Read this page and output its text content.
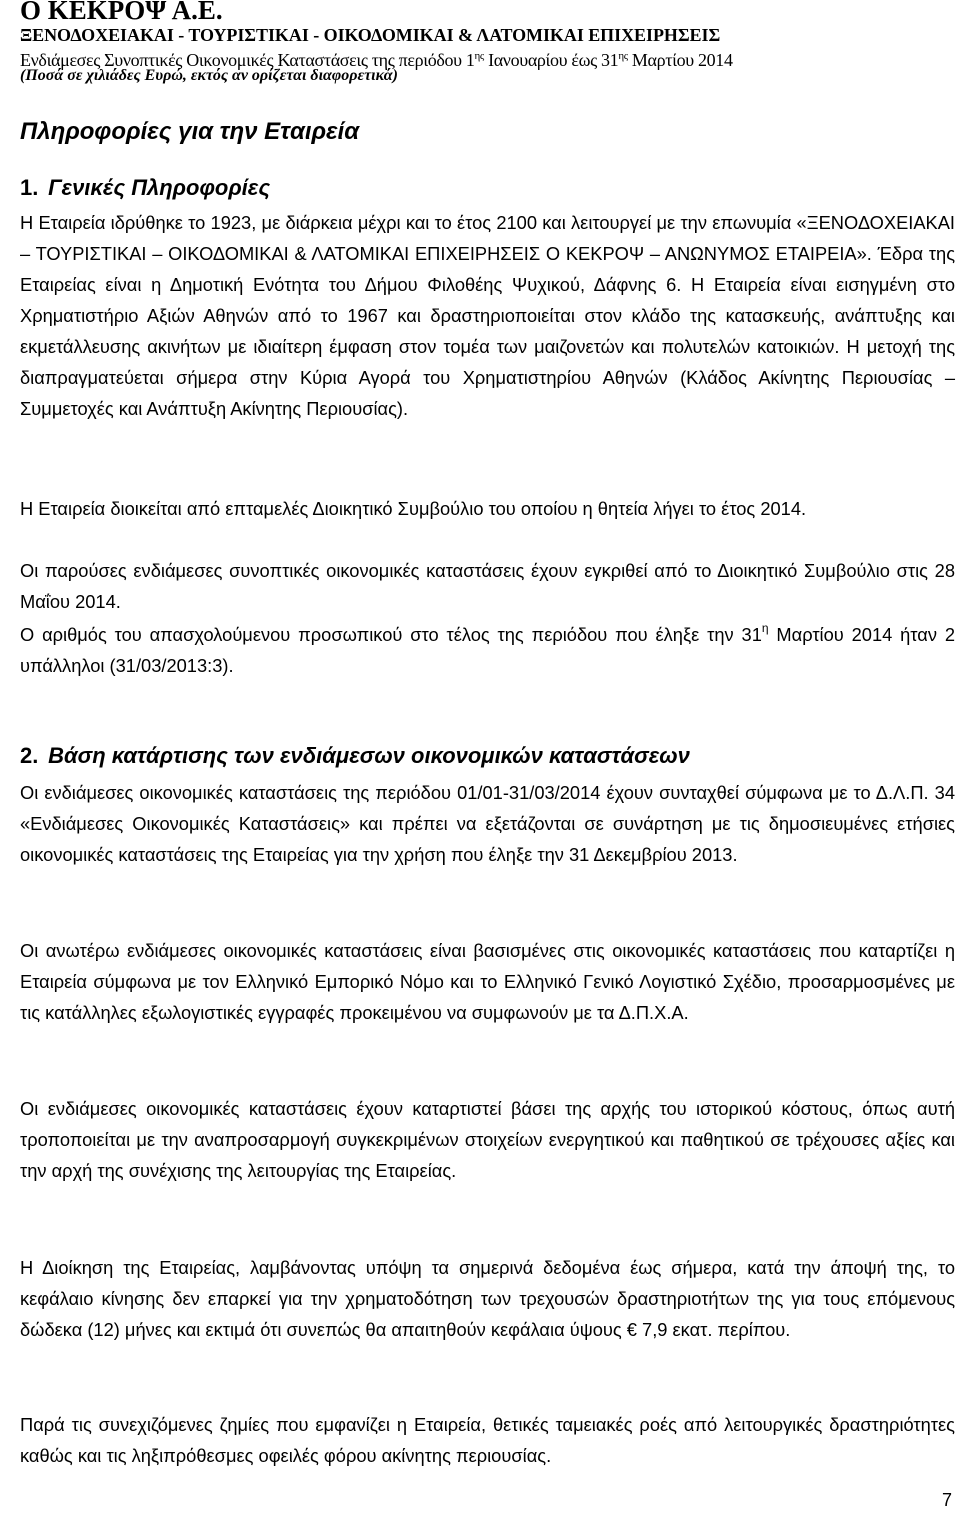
Ο ΚΕΚΡΟΨ Α.Ε.
ΞΕΝΟΔΟΧΕΙΑΚΑΙ - ΤΟΥΡΙΣΤΙΚΑΙ - ΟΙΚΟΔΟΜΙΚΑΙ & ΛΑΤΟΜΙΚΑΙ ΕΠΙΧΕΙΡΗΣΕΙΣ
Ενδιάμεσες Συνοπτικές Οικονομικές Καταστάσεις της περιόδου $1^{\eta\varsigma}$ Ιανουαρίου έως $31^{\eta\varsigma}$ Μαρτίου 2014
(Ποσά σε χιλιάδες Ευρώ, εκτός αν ορίζεται διαφορετικά)
Πληροφορίες για την Εταιρεία
1. Γενικές Πληροφορίες
Η Εταιρεία ιδρύθηκε το 1923, με διάρκεια μέχρι και το έτος 2100 και λειτουργεί με την επωνυμία «ΞΕΝΟΔΟΧΕΙΑΚΑΙ – ΤΟΥΡΙΣΤΙΚΑΙ – ΟΙΚΟΔΟΜΙΚΑΙ & ΛΑΤΟΜΙΚΑΙ ΕΠΙΧΕΙΡΗΣΕΙΣ Ο ΚΕΚΡΟΨ – ΑΝΩΝΥΜΟΣ ΕΤΑΙΡΕΙΑ». Έδρα της Εταιρείας είναι η Δημοτική Ενότητα του Δήμου Φιλοθέης Ψυχικού, Δάφνης 6. Η Εταιρεία είναι εισηγμένη στο Χρηματιστήριο Αξιών Αθηνών από το 1967 και δραστηριοποιείται στον κλάδο της κατασκευής, ανάπτυξης και εκμετάλλευσης ακινήτων με ιδιαίτερη έμφαση στον τομέα των μαιζονετών και πολυτελών κατοικιών. Η μετοχή της διαπραγματεύεται σήμερα στην Κύρια Αγορά του Χρηματιστηρίου Αθηνών (Κλάδος Ακίνητης Περιουσίας – Συμμετοχές και Ανάπτυξη Ακίνητης Περιουσίας).
Η Εταιρεία διοικείται από επταμελές Διοικητικό Συμβούλιο του οποίου η θητεία λήγει το έτος 2014.
Οι παρούσες ενδιάμεσες συνοπτικές οικονομικές καταστάσεις έχουν εγκριθεί από το Διοικητικό Συμβούλιο στις 28 Μαΐου 2014.
Ο αριθμός του απασχολούμενου προσωπικού στο τέλος της περιόδου που έληξε την $31^\eta$ Μαρτίου 2014 ήταν 2 υπάλληλοι (31/03/2013:3).
2. Βάση κατάρτισης των ενδιάμεσων οικονομικών καταστάσεων
Οι ενδιάμεσες οικονομικές καταστάσεις της περιόδου 01/01-31/03/2014 έχουν συνταχθεί σύμφωνα με το Δ.Λ.Π. 34 «Ενδιάμεσες Οικονομικές Καταστάσεις» και πρέπει να εξετάζονται σε συνάρτηση με τις δημοσιευμένες ετήσιες οικονομικές καταστάσεις της Εταιρείας για την χρήση που έληξε την 31 Δεκεμβρίου 2013.
Οι ανωτέρω ενδιάμεσες οικονομικές καταστάσεις είναι βασισμένες στις οικονομικές καταστάσεις που καταρτίζει η Εταιρεία σύμφωνα με τον Ελληνικό Εμπορικό Νόμο και το Ελληνικό Γενικό Λογιστικό Σχέδιο, προσαρμοσμένες με τις κατάλληλες εξωλογιστικές εγγραφές προκειμένου να συμφωνούν με τα Δ.Π.Χ.Α.
Οι ενδιάμεσες οικονομικές καταστάσεις έχουν καταρτιστεί βάσει της αρχής του ιστορικού κόστους, όπως αυτή τροποποιείται με την αναπροσαρμογή συγκεκριμένων στοιχείων ενεργητικού και παθητικού σε τρέχουσες αξίες και την αρχή της συνέχισης της λειτουργίας της Εταιρείας.
Η Διοίκηση της Εταιρείας, λαμβάνοντας υπόψη τα σημερινά δεδομένα έως σήμερα, κατά την άποψή της, το κεφάλαιο κίνησης δεν επαρκεί για την χρηματοδότηση των τρεχουσών δραστηριοτήτων της για τους επόμενους δώδεκα (12) μήνες και εκτιμά ότι συνεπώς θα απαιτηθούν κεφάλαια ύψους € 7,9 εκατ. περίπου.
Παρά τις συνεχιζόμενες ζημίες που εμφανίζει η Εταιρεία, θετικές ταμειακές ροές από λειτουργικές δραστηριότητες καθώς και τις ληξιπρόθεσμες οφειλές φόρου ακίνητης περιουσίας.
7
